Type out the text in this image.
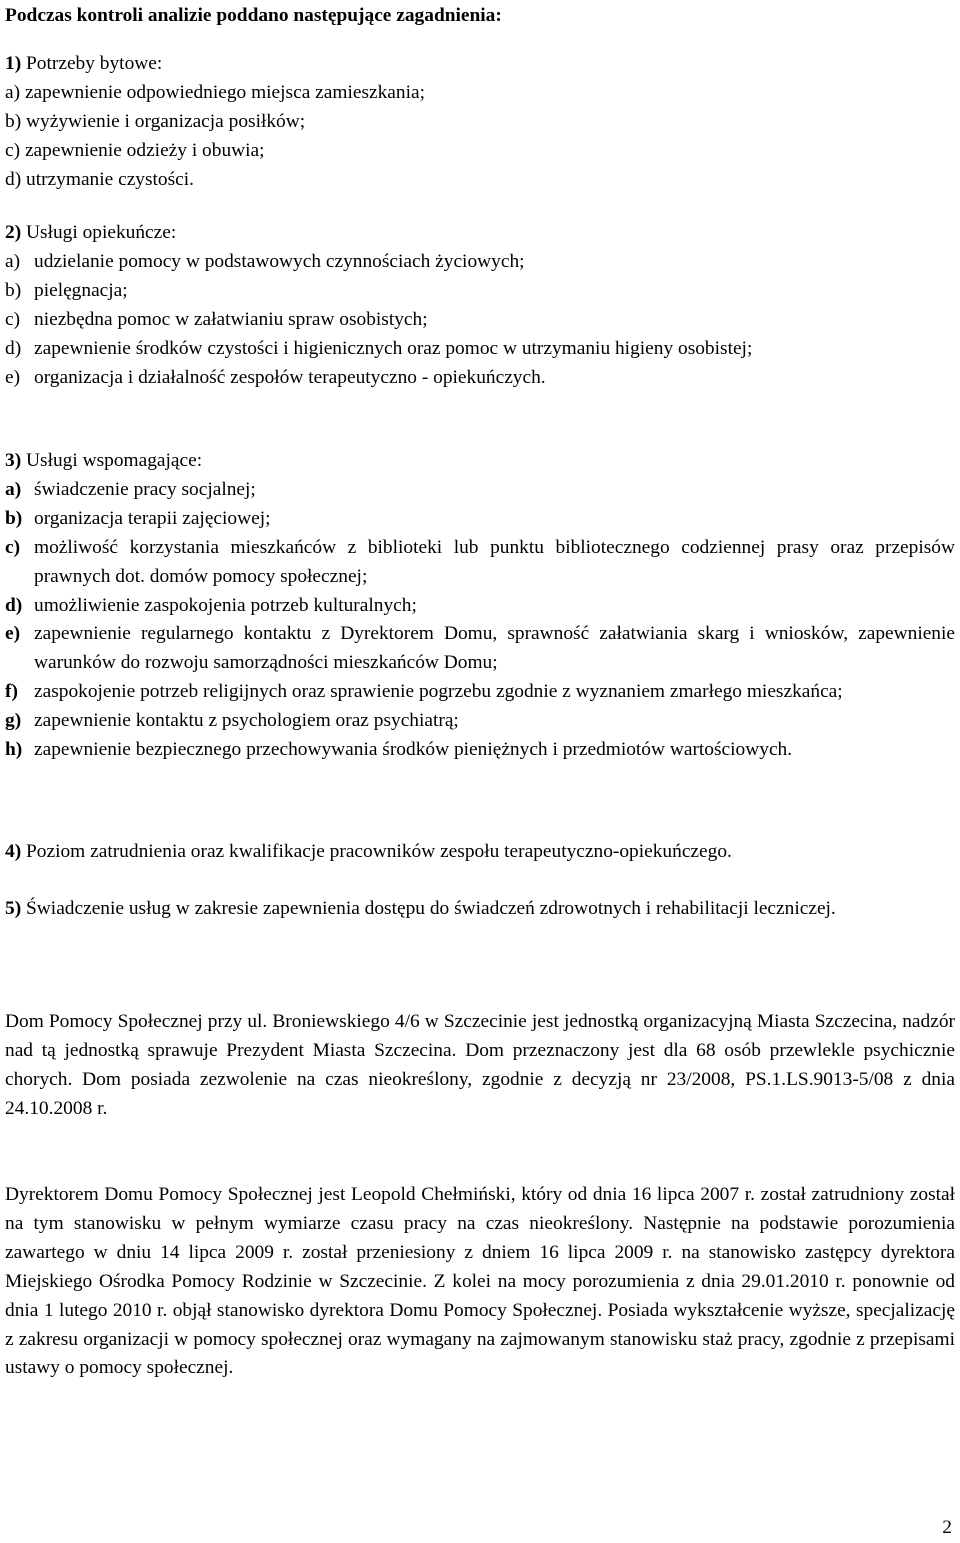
Podczas kontroli analizie poddano następujące zagadnienia:
1) Potrzeby bytowe:
a) zapewnienie odpowiedniego miejsca zamieszkania;
b) wyżywienie i organizacja posiłków;
c) zapewnienie odzieży i obuwia;
d) utrzymanie czystości.
2) Usługi opiekuńcze:
a) udzielanie pomocy w podstawowych czynnościach życiowych;
b) pielęgnacja;
c) niezbędna pomoc w załatwianiu spraw osobistych;
d) zapewnienie środków czystości i higienicznych oraz pomoc w utrzymaniu higieny osobistej;
e) organizacja i działalność zespołów terapeutyczno - opiekuńczych.
3) Usługi wspomagające:
a) świadczenie pracy socjalnej;
b) organizacja terapii zajęciowej;
c) możliwość korzystania mieszkańców z biblioteki lub punktu bibliotecznego codziennej prasy oraz przepisów prawnych dot. domów pomocy społecznej;
d) umożliwienie zaspokojenia potrzeb kulturalnych;
e) zapewnienie regularnego kontaktu z Dyrektorem Domu, sprawność załatwiania skarg i wniosków, zapewnienie warunków do rozwoju samorządności mieszkańców Domu;
f) zaspokojenie potrzeb religijnych oraz sprawienie pogrzebu zgodnie z wyznaniem zmarłego mieszkańca;
g) zapewnienie kontaktu z psychologiem oraz psychiatrą;
h) zapewnienie bezpiecznego przechowywania środków pieniężnych i przedmiotów wartościowych.
4) Poziom zatrudnienia oraz kwalifikacje pracowników zespołu terapeutyczno-opiekuńczego.
5) Świadczenie usług w zakresie zapewnienia dostępu do świadczeń zdrowotnych i rehabilitacji leczniczej.
Dom Pomocy Społecznej przy ul. Broniewskiego 4/6 w Szczecinie jest jednostką organizacyjną Miasta Szczecina, nadzór nad tą jednostką sprawuje Prezydent Miasta Szczecina. Dom przeznaczony jest dla 68 osób przewlekle psychicznie chorych. Dom posiada zezwolenie na czas nieokreślony, zgodnie z decyzją nr 23/2008, PS.1.LS.9013-5/08 z dnia 24.10.2008 r.
Dyrektorem Domu Pomocy Społecznej jest Leopold Chełmiński, który od dnia 16 lipca 2007 r. został zatrudniony został na tym stanowisku w pełnym wymiarze czasu pracy na czas nieokreślony. Następnie na podstawie porozumienia zawartego w dniu 14 lipca 2009 r. został przeniesiony z dniem 16 lipca 2009 r. na stanowisko zastępcy dyrektora Miejskiego Ośrodka Pomocy Rodzinie w Szczecinie. Z kolei na mocy porozumienia z dnia 29.01.2010 r. ponownie od dnia 1 lutego 2010 r. objął stanowisko dyrektora Domu Pomocy Społecznej. Posiada wykształcenie wyższe, specjalizację z zakresu organizacji w pomocy społecznej oraz wymagany na zajmowanym stanowisku staż pracy, zgodnie z przepisami ustawy o pomocy społecznej.
2
